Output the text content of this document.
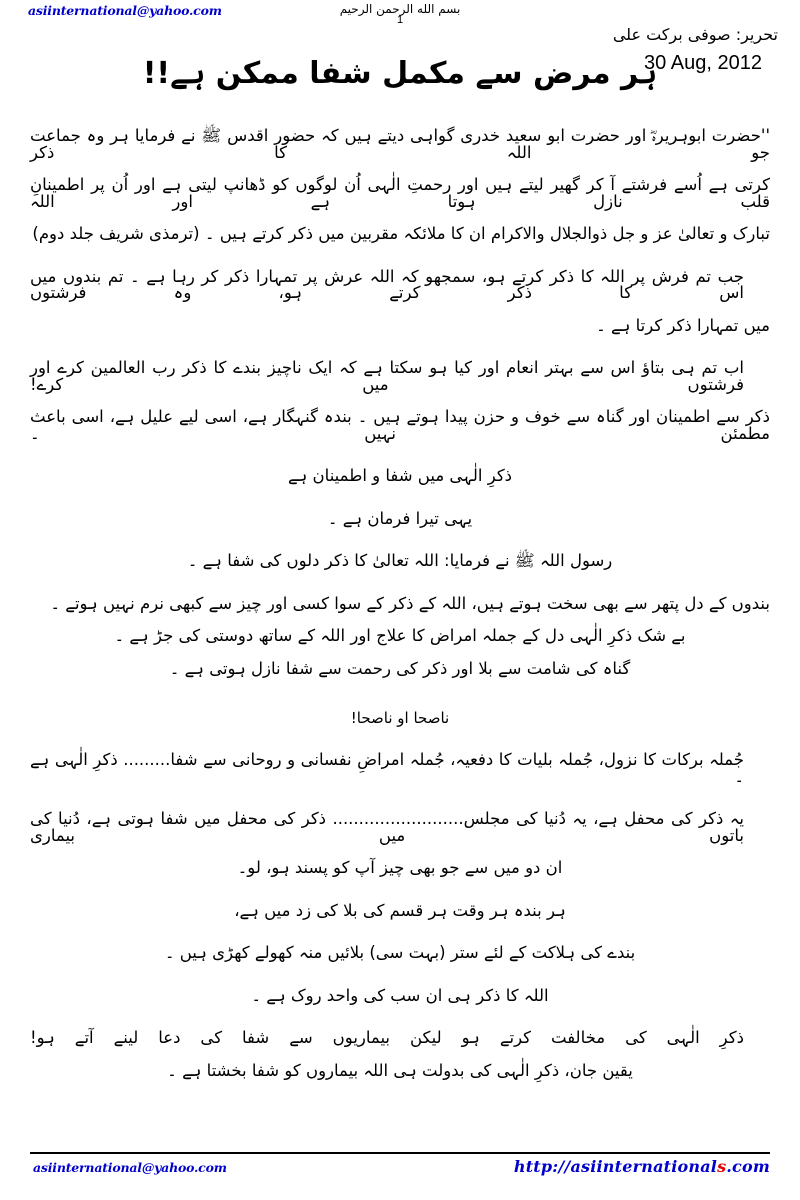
asiinternational@yahoo.com	بسم الله الرحمن الرحيم
1
تحریر: صوفی برکت علی
30 Aug, 2012
ہر مرض سے مکمل شفا ممکن ہے!!
''حضرت ابوہریرہؓ اور حضرت ابو سعید خدری گواہی دیتے ہیں کہ حضور اقدس ﷺ نے فرمایا ہر وہ جماعت جو اللہ کا ذکر
کرتی ہے اُسے فرشتے آ کر گھیر لیتے ہیں اور رحمتِ الٰہی اُن لوگوں کو ڈھانپ لیتی ہے اور اُن پر اطمینانِ قلب نازل ہوتا ہے اور اللہ
تبارک و تعالیٰ عز و جل ذوالجلال والاکرام ان کا ملائکہ مقربین میں ذکر کرتے ہیں ۔ (ترمذی شریف جلد دوم)
جب تم فرش پر اللہ کا ذکر کرتے ہو، سمجھو کہ اللہ عرش پر تمہارا ذکر کر رہا ہے ۔ تم بندوں میں اس کا ذکر کرتے ہو، وہ فرشتوں
میں تمہارا ذکر کرتا ہے ۔
اب تم ہی بتاؤ اس سے بہتر انعام اور کیا ہو سکتا ہے کہ ایک ناچیز بندے کا ذکر رب العالمین کرے اور فرشتوں میں کرے!
ذکر سے اطمینان اور گناہ سے خوف و حزن پیدا ہوتے ہیں ۔ بندہ گنہگار ہے، اسی لیے علیل ہے، اسی باعث مطمئن نہیں ۔
ذکرِ الٰہی میں شفا و اطمینان ہے
یہی تیرا فرمان ہے ۔
رسول اللہ ﷺ نے فرمایا: اللہ تعالیٰ کا ذکر دلوں کی شفا ہے ۔
بندوں کے دل پتھر سے بھی سخت ہوتے ہیں، اللہ کے ذکر کے سوا کسی اور چیز سے کبھی نرم نہیں ہوتے ۔
بے شک ذکرِ الٰہی دل کے جملہ امراض کا علاج اور اللہ کے ساتھ دوستی کی جڑ ہے ۔
گناہ کی شامت سے بلا اور ذکر کی رحمت سے شفا نازل ہوتی ہے ۔
ناصحا او ناصحا!
جُملہ برکات کا نزول، جُملہ بلیات کا دفعیہ، جُملہ امراضِ نفسانی و روحانی سے شفا......... ذکرِ الٰہی ہے ۔
یہ ذکر کی محفل ہے، یہ دُنیا کی مجلس......................... ذکر کی محفل میں شفا ہوتی ہے، دُنیا کی باتوں میں بیماری
ان دو میں سے جو بھی چیز آپ کو پسند ہو، لو۔
ہر بندہ ہر وقت ہر قسم کی بلا کی زد میں ہے،
بندے کی ہلاکت کے لئے ستر (بہت سی) بلائیں منہ کھولے کھڑی ہیں ۔
اللہ کا ذکر ہی ان سب کی واحد روک ہے ۔
ذکرِ الٰہی کی مخالفت کرتے ہو لیکن بیماریوں سے شفا کی دعا لینے آتے ہو!
یقین جان، ذکرِ الٰہی کی بدولت ہی اللہ بیماروں کو شفا بخشتا ہے ۔
asiinternational@yahoo.com	http://asiinternationals.com
